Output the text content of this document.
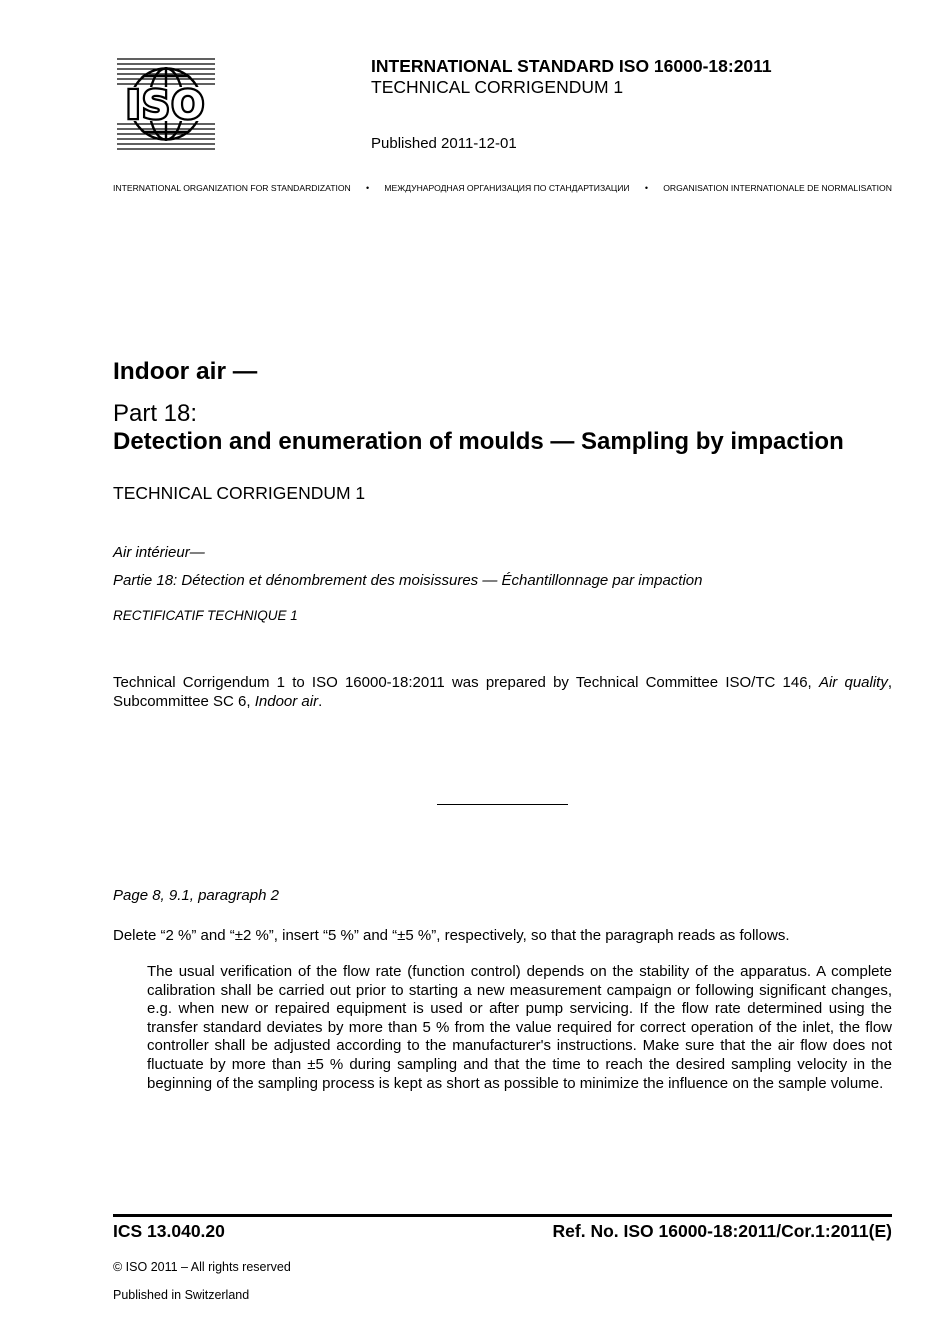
ISO
INTERNATIONAL STANDARD ISO 16000-18:2011
TECHNICAL CORRIGENDUM 1
Published 2011-12-01
INTERNATIONAL ORGANIZATION FOR STANDARDIZATION • МЕЖДУНАРОДНАЯ ОРГАНИЗАЦИЯ ПО СТАНДАРТИЗАЦИИ • ORGANISATION INTERNATIONALE DE NORMALISATION
Indoor air —
Part 18:
Detection and enumeration of moulds — Sampling by impaction
TECHNICAL CORRIGENDUM 1
Air intérieur—
Partie 18: Détection et dénombrement des moisissures — Échantillonnage par impaction
RECTIFICATIF TECHNIQUE 1

Technical Corrigendum 1 to ISO 16000-18:2011 was prepared by Technical Committee ISO/TC 146, Air quality, Subcommittee SC 6, Indoor air.

Page 8, 9.1, paragraph 2
Delete “2 %” and “±2 %”, insert “5 %” and “±5 %”, respectively, so that the paragraph reads as follows.

The usual verification of the flow rate (function control) depends on the stability of the apparatus. A complete calibration shall be carried out prior to starting a new measurement campaign or following significant changes, e.g. when new or repaired equipment is used or after pump servicing. If the flow rate determined using the transfer standard deviates by more than 5 % from the value required for correct operation of the inlet, the flow controller shall be adjusted according to the manufacturer's instructions. Make sure that the air flow does not fluctuate by more than ±5 % during sampling and that the time to reach the desired sampling velocity in the beginning of the sampling process is kept as short as possible to minimize the influence on the sample volume.

ICS 13.040.20	Ref. No. ISO 16000-18:2011/Cor.1:2011(E)
© ISO 2011 – All rights reserved
Published in Switzerland
